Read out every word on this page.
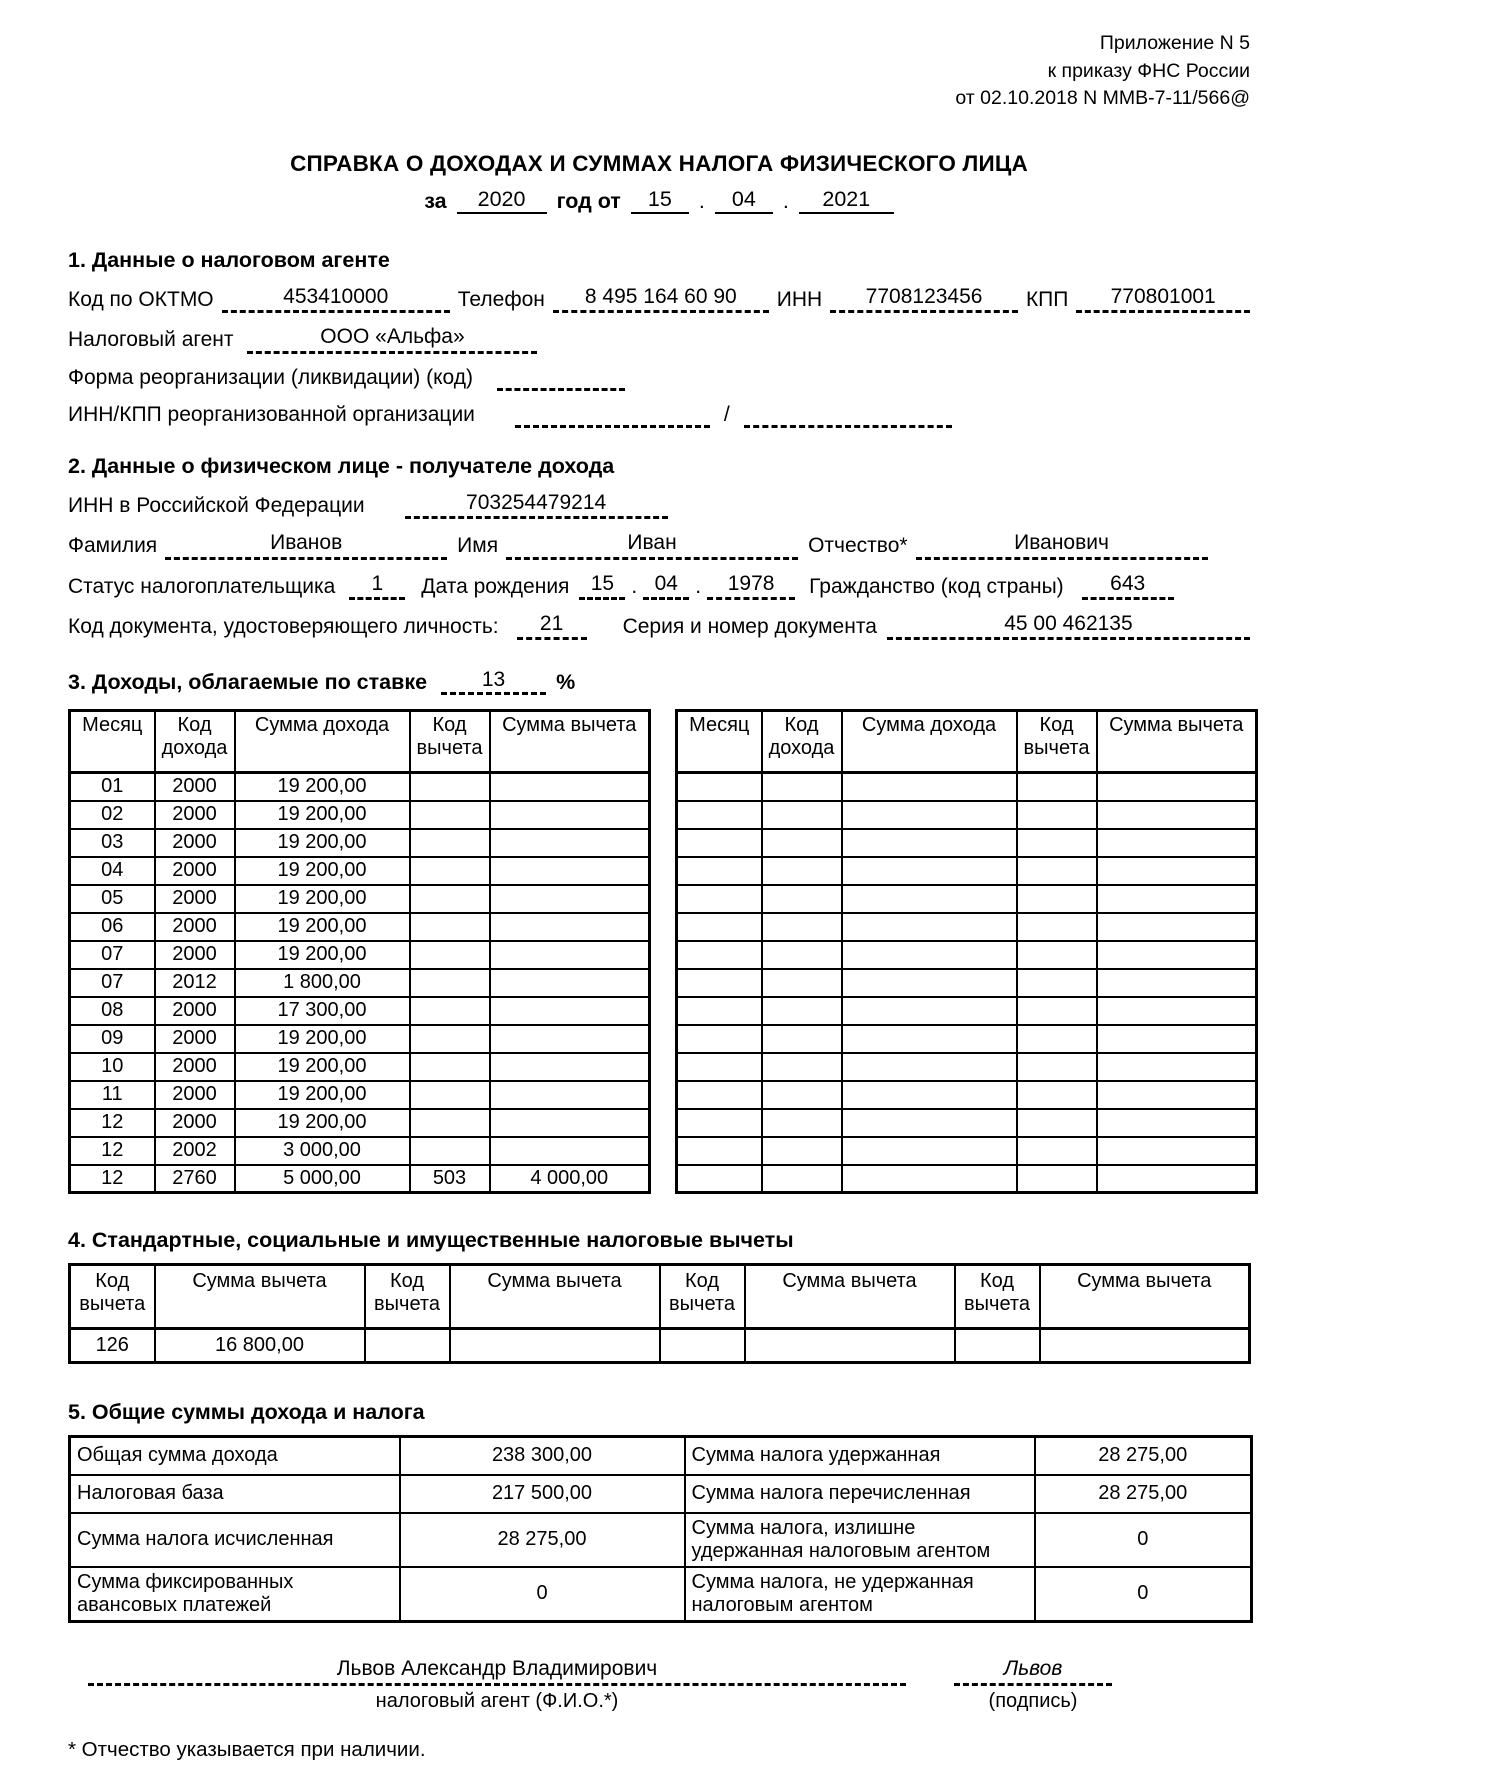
Приложение N 5
к приказу ФНС России
от 02.10.2018 N ММВ-7-11/566@
СПРАВКА О ДОХОДАХ И СУММАХ НАЛОГА ФИЗИЧЕСКОГО ЛИЦА
за	2020	год от	15	.	04	.	2021
1. Данные о налоговом агенте
Код по ОКТМО	453410000	Телефон	8 495 164 60 90	ИНН	7708123456	КПП	770801001
Налоговый агент	ООО «Альфа»
Форма реорганизации (ликвидации) (код)
ИНН/КПП реорганизованной организации	/
2. Данные о физическом лице - получателе дохода
ИНН в Российской Федерации	703254479214
Фамилия	Иванов	Имя	Иван	Отчество*	Иванович
Статус налогоплательщика	1	Дата рождения	15 . 04 .	1978	Гражданство (код страны)	643
Код документа, удостоверяющего личность:	21	Серия и номер документа	45 00 462135
3. Доходы, облагаемые по ставке	13	%
Месяц	Код дохода	Сумма дохода	Код вычета	Сумма вычета
01	2000	19 200,00		
02	2000	19 200,00		
03	2000	19 200,00		
04	2000	19 200,00		
05	2000	19 200,00		
06	2000	19 200,00		
07	2000	19 200,00		
07	2012	1 800,00		
08	2000	17 300,00		
09	2000	19 200,00		
10	2000	19 200,00		
11	2000	19 200,00		
12	2000	19 200,00		
12	2002	3 000,00		
12	2760	5 000,00	503	4 000,00
Месяц	Код дохода	Сумма дохода	Код вычета	Сумма вычета

4. Стандартные, социальные и имущественные налоговые вычеты
Код вычета	Сумма вычета	Код вычета	Сумма вычета	Код вычета	Сумма вычета	Код вычета	Сумма вычета
126	16 800,00						
5. Общие суммы дохода и налога
Общая сумма дохода	238 300,00	Сумма налога удержанная	28 275,00
Налоговая база	217 500,00	Сумма налога перечисленная	28 275,00
Сумма налога исчисленная	28 275,00	Сумма налога, излишне удержанная налоговым агентом	0
Сумма фиксированных авансовых платежей	0	Сумма налога, не удержанная налоговым агентом	0
Львов Александр Владимирович
налоговый агент (Ф.И.О.*)
Львов
(подпись)
* Отчество указывается при наличии.
